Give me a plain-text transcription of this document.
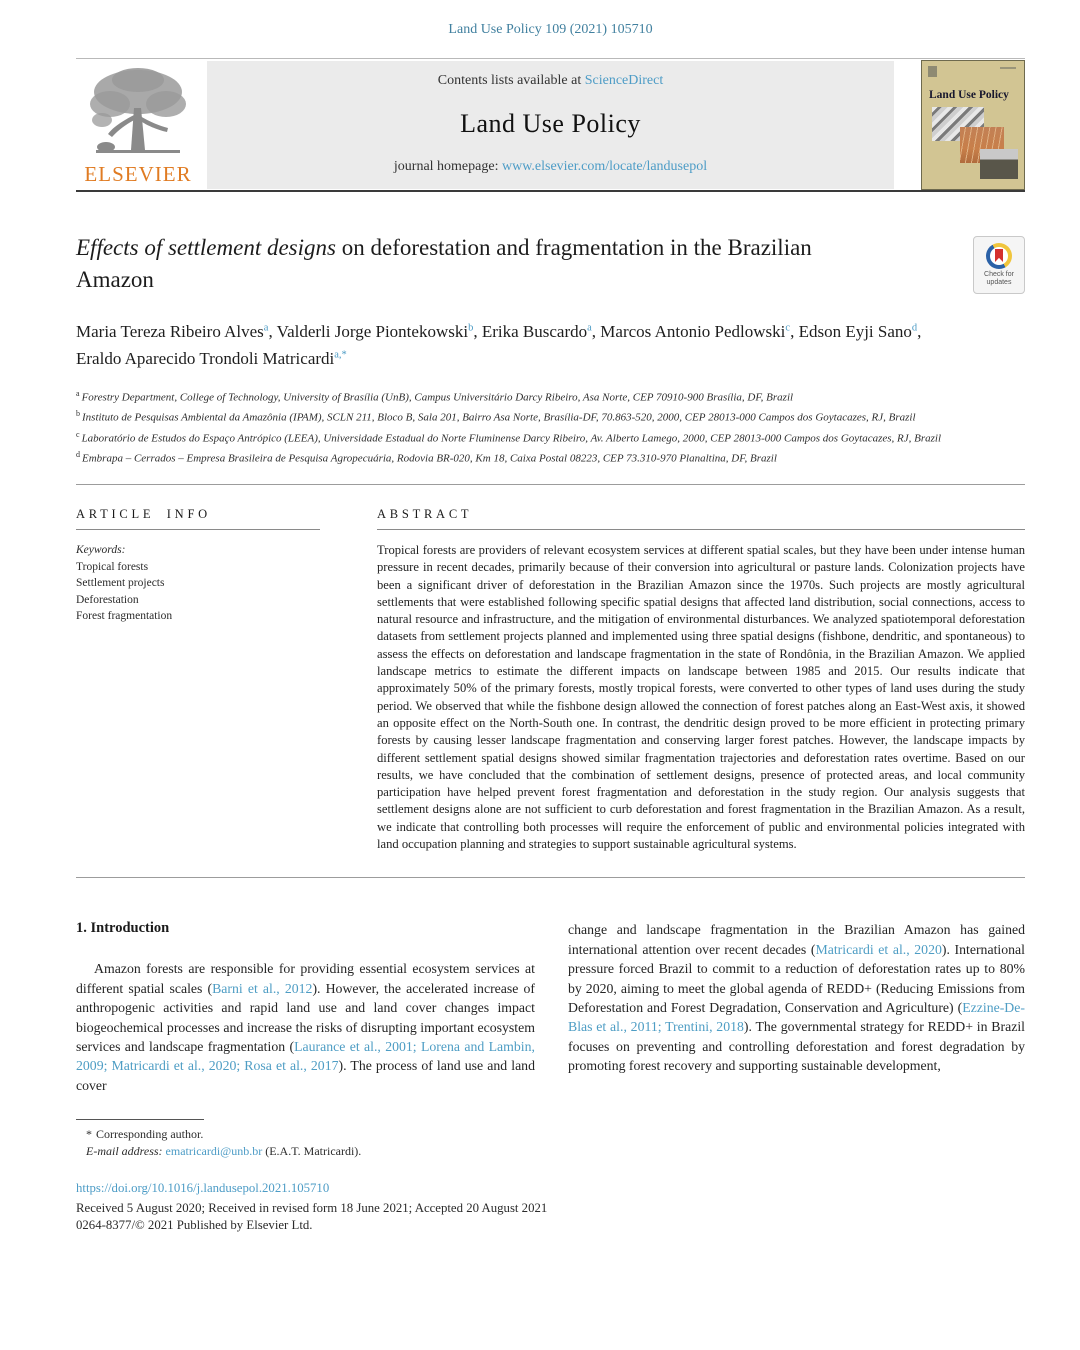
Land Use Policy 109 (2021) 105710
ELSEVIER
Contents lists available at ScienceDirect
Land Use Policy
journal homepage: www.elsevier.com/locate/landusepol
Land Use Policy
Effects of settlement designs on deforestation and fragmentation in the Brazilian Amazon	Check for
updates
Maria Tereza Ribeiro Alves$^a$, Valderli Jorge Piontekowski$^b$, Erika Buscardo$^a$, Marcos Antonio Pedlowski$^c$, Edson Eyji Sano$^d$, Eraldo Aparecido Trondoli Matricardi$^{a,*}$
$^a$ Forestry Department, College of Technology, University of Brasília (UnB), Campus Universitário Darcy Ribeiro, Asa Norte, CEP 70910-900 Brasília, DF, Brazil
$^b$ Instituto de Pesquisas Ambiental da Amazônia (IPAM), SCLN 211, Bloco B, Sala 201, Bairro Asa Norte, Brasília-DF, 70.863-520, 2000, CEP 28013-000 Campos dos Goytacazes, RJ, Brazil
$^c$ Laboratório de Estudos do Espaço Antrópico (LEEA), Universidade Estadual do Norte Fluminense Darcy Ribeiro, Av. Alberto Lamego, 2000, CEP 28013-000 Campos dos Goytacazes, RJ, Brazil
$^d$ Embrapa – Cerrados – Empresa Brasileira de Pesquisa Agropecuária, Rodovia BR-020, Km 18, Caixa Postal 08223, CEP 73.310-970 Planaltina, DF, Brazil
ARTICLE INFO
Keywords:
Tropical forests
Settlement projects
Deforestation
Forest fragmentation
ABSTRACT
Tropical forests are providers of relevant ecosystem services at different spatial scales, but they have been under intense human pressure in recent decades, primarily because of their conversion into agricultural or pasture lands. Colonization projects have been a significant driver of deforestation in the Brazilian Amazon since the 1970s. Such projects are mostly agricultural settlements that were established following specific spatial designs that affected land distribution, social connections, access to natural resource and infrastructure, and the mitigation of environmental disturbances. We analyzed spatiotemporal deforestation datasets from settlement projects planned and implemented using three spatial designs (fishbone, dendritic, and spontaneous) to assess the effects on deforestation and landscape fragmentation in the state of Rondônia, in the Brazilian Amazon. We applied landscape metrics to estimate the different impacts on landscape between 1985 and 2015. Our results indicate that approximately 50% of the primary forests, mostly tropical forests, were converted to other types of land uses during the study period. We observed that while the fishbone design allowed the connection of forest patches along an East-West axis, it showed an opposite effect on the North-South one. In contrast, the dendritic design proved to be more efficient in protecting primary forests by causing lesser landscape fragmentation and conserving larger forest patches. However, the landscape impacts by different settlement spatial designs showed similar fragmentation trajectories and deforestation rates overtime. Based on our results, we have concluded that the combination of settlement designs, presence of protected areas, and local community participation have helped prevent forest fragmentation and deforestation in the study region. Our analysis suggests that settlement designs alone are not sufficient to curb deforestation and forest fragmentation in the Brazilian Amazon. As a result, we indicate that controlling both processes will require the enforcement of public and environmental policies integrated with land occupation planning and strategies to support sustainable agricultural systems.
1. Introduction

Amazon forests are responsible for providing essential ecosystem services at different spatial scales (Barni et al., 2012). However, the accelerated increase of anthropogenic activities and rapid land use and land cover changes impact biogeochemical processes and increase the risks of disrupting important ecosystem services and landscape fragmentation (Laurance et al., 2001; Lorena and Lambin, 2009; Matricardi et al., 2020; Rosa et al., 2017). The process of land use and land cover

change and landscape fragmentation in the Brazilian Amazon has gained international attention over recent decades (Matricardi et al., 2020). International pressure forced Brazil to commit to a reduction of deforestation rates up to 80% by 2020, aiming to meet the global agenda of REDD+ (Reducing Emissions from Deforestation and Forest Degradation, Conservation and Agriculture) (Ezzine-De-Blas et al., 2011; Trentini, 2018). The governmental strategy for REDD+ in Brazil focuses on preventing and controlling deforestation and forest degradation by promoting forest recovery and supporting sustainable development,

* Corresponding author.
E-mail address: ematricardi@unb.br (E.A.T. Matricardi).
https://doi.org/10.1016/j.landusepol.2021.105710
Received 5 August 2020; Received in revised form 18 June 2021; Accepted 20 August 2021
0264-8377/© 2021 Published by Elsevier Ltd.
